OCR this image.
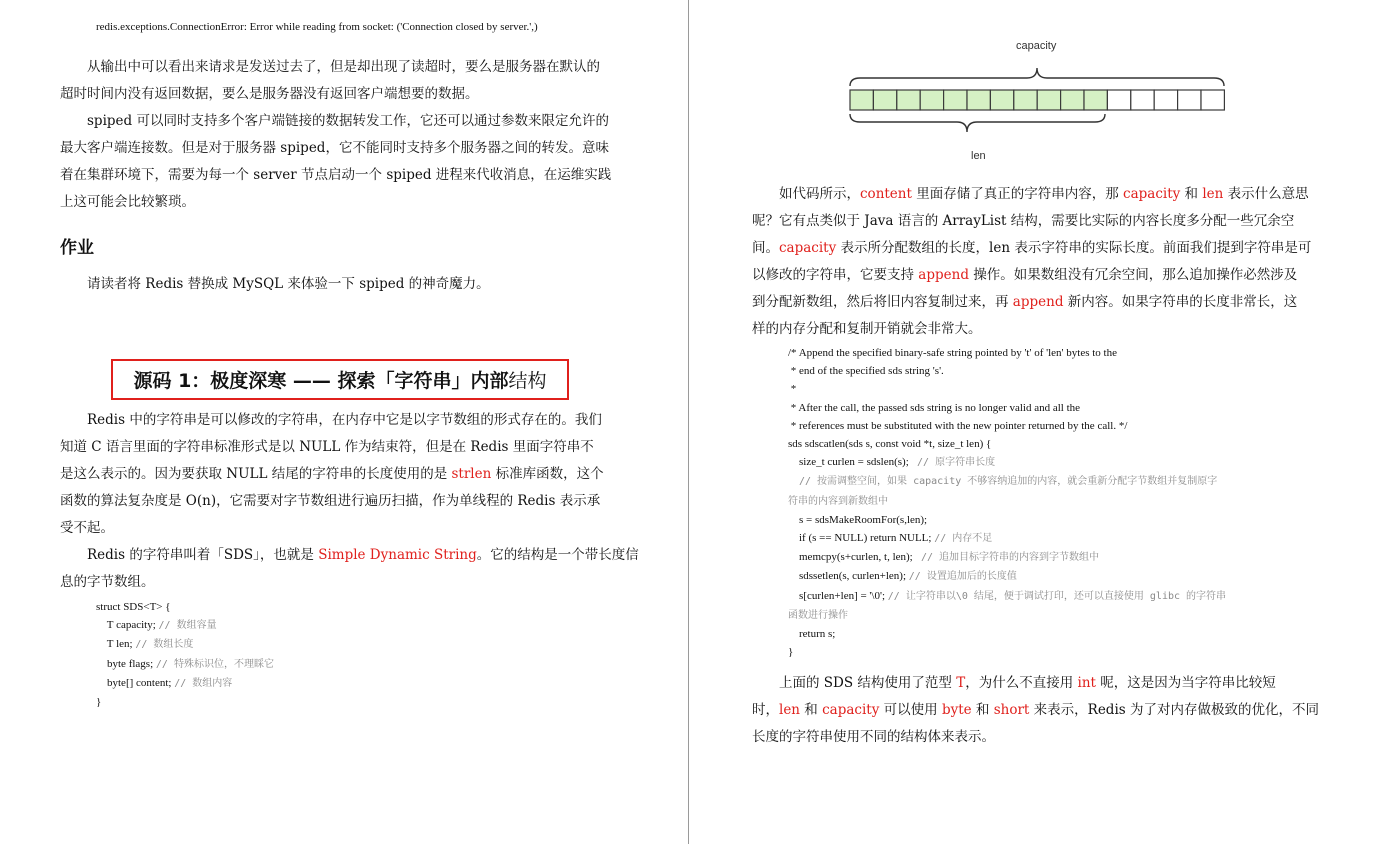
redis.exceptions.ConnectionError: Error while reading from socket: ('Connection closed by server.',)
从输出中可以看出来请求是发送过去了，但是却出现了读超时，要么是服务器在默认的
超时时间内没有返回数据，要么是服务器没有返回客户端想要的数据。
spiped 可以同时支持多个客户端链接的数据转发工作，它还可以通过参数来限定允许的
最大客户端连接数。但是对于服务器 spiped，它不能同时支持多个服务器之间的转发。意味
着在集群环境下，需要为每一个 server 节点启动一个 spiped 进程来代收消息，在运维实践
上这可能会比较繁琐。
作业
请读者将 Redis 替换成 MySQL 来体验一下 spiped 的神奇魔力。
源码 1：极度深寒 —— 探索「字符串」内部 结构
Redis 中的字符串是可以修改的字符串，在内存中它是以字节数组的形式存在的。我们
知道 C 语言里面的字符串标准形式是以 NULL 作为结束符，但是在 Redis 里面字符串不
是这么表示的。因为要获取 NULL 结尾的字符串的长度使用的是 strlen 标准库函数，这个
函数的算法复杂度是 O(n)，它需要对字节数组进行遍历扫描，作为单线程的 Redis 表示承
受不起。
Redis 的字符串叫着「SDS」，也就是 Simple Dynamic String。它的结构是一个带长度信
息的字节数组。
struct SDS<T> {
T capacity; // 数组容量
T len; // 数组长度
byte flags; // 特殊标识位，不理睬它
byte[] content; // 数组内容
}
capacity
len
如代码所示，content 里面存储了真正的字符串内容，那 capacity 和 len 表示什么意思
呢？它有点类似于 Java 语言的 ArrayList 结构，需要比实际的内容长度多分配一些冗余空
间。capacity 表示所分配数组的长度，len 表示字符串的实际长度。前面我们提到字符串是可
以修改的字符串，它要支持 append 操作。如果数组没有冗余空间，那么追加操作必然涉及
到分配新数组，然后将旧内容复制过来，再 append 新内容。如果字符串的长度非常长，这
样的内存分配和复制开销就会非常大。
/* Append the specified binary-safe string pointed by 't' of 'len' bytes to the
* end of the specified sds string 's'.
*
* After the call, the passed sds string is no longer valid and all the
* references must be substituted with the new pointer returned by the call. */
sds sdscatlen(sds s, const void *t, size_t len) {
size_t curlen = sdslen(s);   // 原字符串长度
// 按需调整空间，如果 capacity 不够容纳追加的内容，就会重新分配字节数组并复制原字
符串的内容到新数组中
s = sdsMakeRoomFor(s,len);
if (s == NULL) return NULL; // 内存不足
memcpy(s+curlen, t, len);   // 追加目标字符串的内容到字节数组中
sdssetlen(s, curlen+len); // 设置追加后的长度值
s[curlen+len] = '\0'; // 让字符串以\0 结尾，便于调试打印，还可以直接使用 glibc 的字符串
函数进行操作
return s;
}
上面的 SDS 结构使用了范型 T，为什么不直接用 int 呢，这是因为当字符串比较短
时，len 和 capacity 可以使用 byte 和 short 来表示，Redis 为了对内存做极致的优化，不同
长度的字符串使用不同的结构体来表示。
